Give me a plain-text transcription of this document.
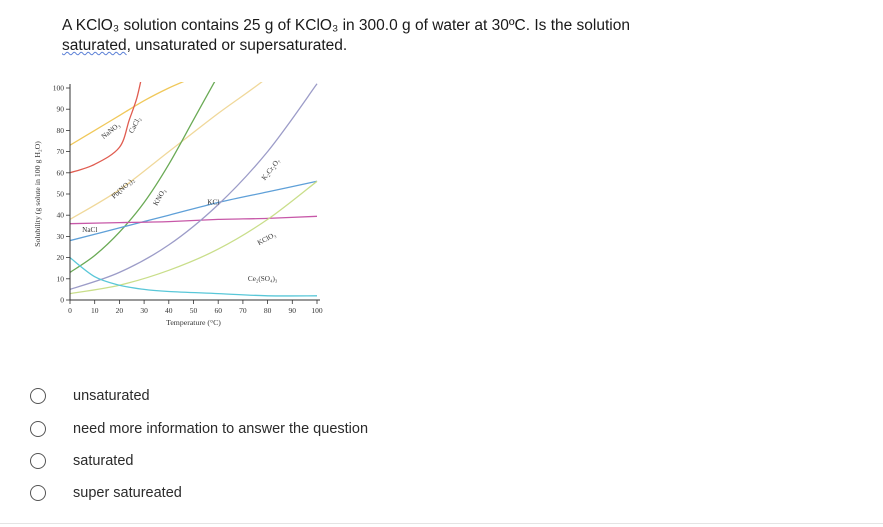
A KClO₃ solution contains 25 g of KClO₃ in 300.0 g of water at 30ºC. Is the solution
saturated, unsaturated or supersaturated.
0
10
20
30
40
50
60
70
80
90
100
0	10 20 30 40 50 60 70 80 90 100
Temperature (°C)
Solubility (g solute in 100 g H₂O)
NaNO₃ CaCl₂
Pb(NO₃)₂ KNO₃	KCl
NaCl
K₂Cr₂O₇
KClO₃
Ce₂(SO₄)₃
unsaturated
need more information to answer the question
saturated
super satureated
